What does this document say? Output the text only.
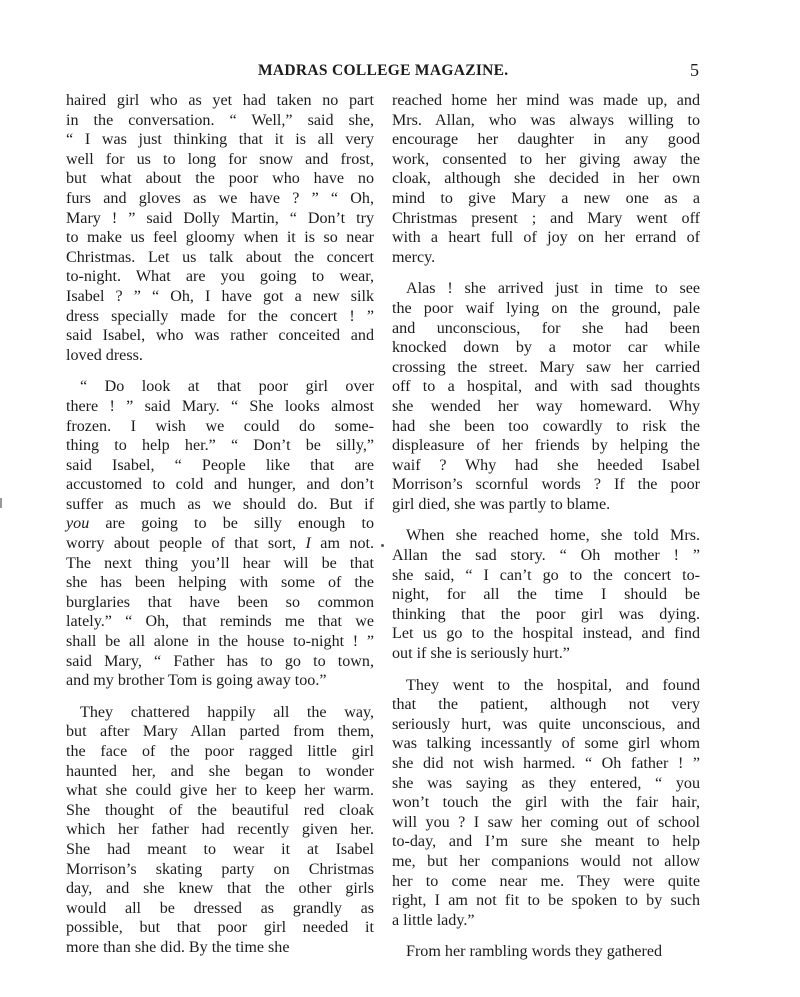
MADRAS COLLEGE MAGAZINE.	5

haired girl who as yet had taken no part
in the conversation. “ Well,” said she,
“ I was just thinking that it is all very
well for us to long for snow and frost,
but what about the poor who have no
furs and gloves as we have ? ” “ Oh,
Mary ! ” said Dolly Martin, “ Don’t try
to make us feel gloomy when it is so near
Christmas. Let us talk about the concert
to-night. What are you going to wear,
Isabel ? ” “ Oh, I have got a new silk
dress specially made for the concert ! ”
said Isabel, who was rather conceited and
loved dress.

“ Do look at that poor girl over
there ! ” said Mary. “ She looks almost
frozen. I wish we could do some-
thing to help her.” “ Don’t be silly,”
said Isabel, “ People like that are
accustomed to cold and hunger, and don’t
suffer as much as we should do. But if
you are going to be silly enough to
worry about people of that sort, I am not.
The next thing you’ll hear will be that
she has been helping with some of the
burglaries that have been so common
lately.” “ Oh, that reminds me that we
shall be all alone in the house to-night ! ”
said Mary, “ Father has to go to town,
and my brother Tom is going away too.”

They chattered happily all the way,
but after Mary Allan parted from them,
the face of the poor ragged little girl
haunted her, and she began to wonder
what she could give her to keep her warm.
She thought of the beautiful red cloak
which her father had recently given her.
She had meant to wear it at Isabel
Morrison’s skating party on Christmas
day, and she knew that the other girls
would all be dressed as grandly as
possible, but that poor girl needed it
more than she did. By the time she

reached home her mind was made up, and
Mrs. Allan, who was always willing to
encourage her daughter in any good
work, consented to her giving away the
cloak, although she decided in her own
mind to give Mary a new one as a
Christmas present ; and Mary went off
with a heart full of joy on her errand of
mercy.

Alas ! she arrived just in time to see
the poor waif lying on the ground, pale
and unconscious, for she had been
knocked down by a motor car while
crossing the street. Mary saw her carried
off to a hospital, and with sad thoughts
she wended her way homeward. Why
had she been too cowardly to risk the
displeasure of her friends by helping the
waif ? Why had she heeded Isabel
Morrison’s scornful words ? If the poor
girl died, she was partly to blame.

When she reached home, she told Mrs.
Allan the sad story. “ Oh mother ! ”
she said, “ I can’t go to the concert to-
night, for all the time I should be
thinking that the poor girl was dying.
Let us go to the hospital instead, and find
out if she is seriously hurt.”

They went to the hospital, and found
that the patient, although not very
seriously hurt, was quite unconscious, and
was talking incessantly of some girl whom
she did not wish harmed. “ Oh father ! ”
she was saying as they entered, “ you
won’t touch the girl with the fair hair,
will you ? I saw her coming out of school
to-day, and I’m sure she meant to help
me, but her companions would not allow
her to come near me. They were quite
right, I am not fit to be spoken to by such
a little lady.”

From her rambling words they gathered
